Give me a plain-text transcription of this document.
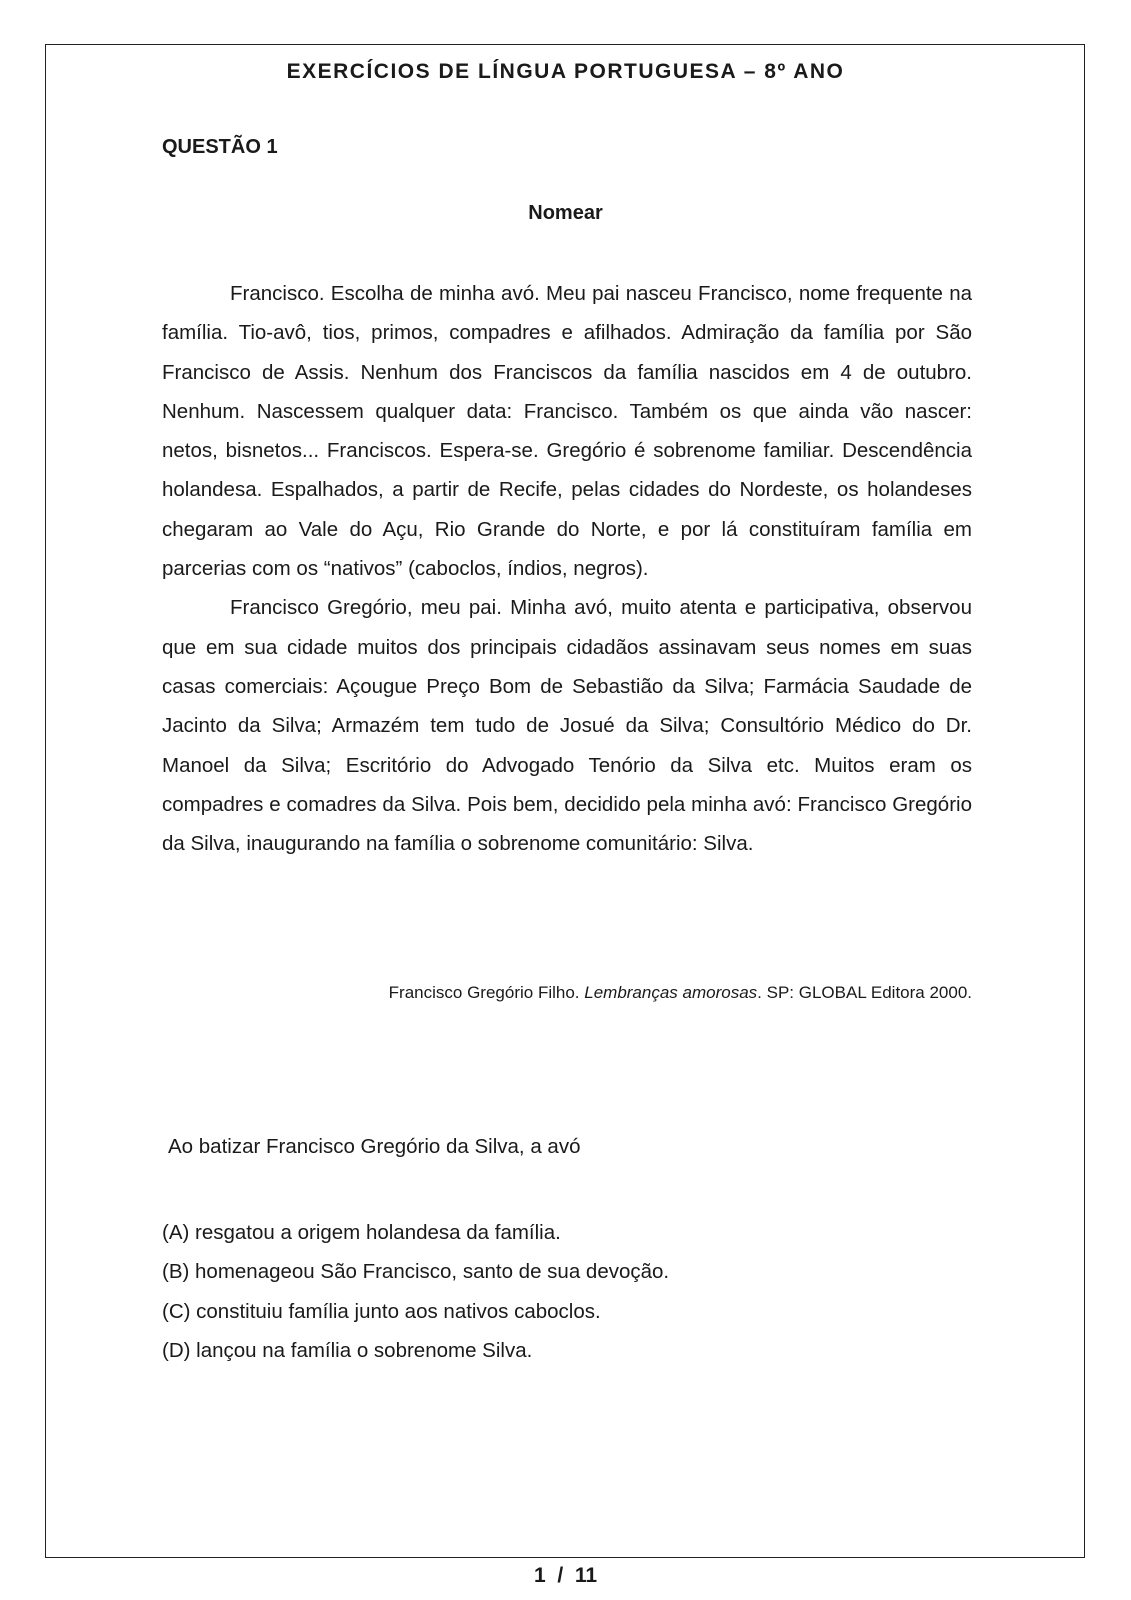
EXERCÍCIOS DE LÍNGUA PORTUGUESA – 8º ANO
QUESTÃO 1
Nomear

Francisco. Escolha de minha avó. Meu pai nasceu Francisco, nome frequente na família. Tio-avô, tios, primos, compadres e afilhados. Admiração da família por São Francisco de Assis. Nenhum dos Franciscos da família nascidos em 4 de outubro. Nenhum. Nascessem qualquer data: Francisco. Também os que ainda vão nascer: netos, bisnetos... Franciscos. Espera-se. Gregório é sobrenome familiar. Descendência holandesa. Espalhados, a partir de Recife, pelas cidades do Nordeste, os holandeses chegaram ao Vale do Açu, Rio Grande do Norte, e por lá constituíram família em parcerias com os “nativos” (caboclos, índios, negros).

Francisco Gregório, meu pai. Minha avó, muito atenta e participativa, observou que em sua cidade muitos dos principais cidadãos assinavam seus nomes em suas casas comerciais: Açougue Preço Bom de Sebastião da Silva; Farmácia Saudade de Jacinto da Silva; Armazém tem tudo de Josué da Silva; Consultório Médico do Dr. Manoel da Silva; Escritório do Advogado Tenório da Silva etc. Muitos eram os compadres e comadres da Silva. Pois bem, decidido pela minha avó: Francisco Gregório da Silva, inaugurando na família o sobrenome comunitário: Silva.

Francisco Gregório Filho. Lembranças amorosas. SP: GLOBAL Editora 2000.
Ao batizar Francisco Gregório da Silva, a avó
(A) resgatou a origem holandesa da família.
(B) homenageou São Francisco, santo de sua devoção.
(C) constituiu família junto aos nativos caboclos.
(D) lançou na família o sobrenome Silva.
1  /  11
